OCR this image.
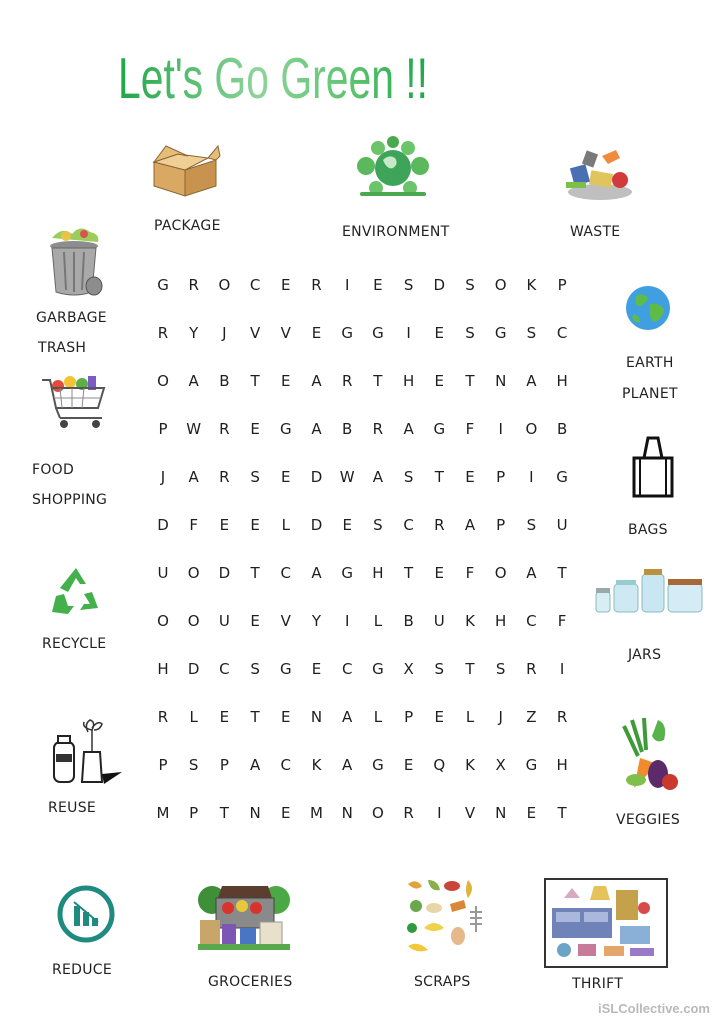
Let's Go Green !!
PACKAGE	ENVIRONMENT	WASTE
GARBAGE
TRASH
EARTH
PLANET
FOOD
SHOPPING
BAGS
RECYCLE
JARS
REUSE
VEGGIES
REDUCE
GROCERIES	SCRAPS	THRIFT
G	R	O	C	E	R	I	E	S	D	S	O	K	P
R	Y	J	V	V	E	G	G	I	E	S	G	S	C
O	A	B	T	E	A	R	T	H	E	T	N	A	H
P	W	R	E	G	A	B	R	A	G	F	I	O	B
J	A	R	S	E	D	W	A	S	T	E	P	I	G
D	F	E	E	L	D	E	S	C	R	A	P	S	U
U	O	D	T	C	A	G	H	T	E	F	O	A	T
O	O	U	E	V	Y	I	L	B	U	K	H	C	F
H	D	C	S	G	E	C	G	X	S	T	S	R	I
R	L	E	T	E	N	A	L	P	E	L	J	Z	R
P	S	P	A	C	K	A	G	E	Q	K	X	G	H
M	P	T	N	E	M	N	O	R	I	V	N	E	T
iSLCollective.com
